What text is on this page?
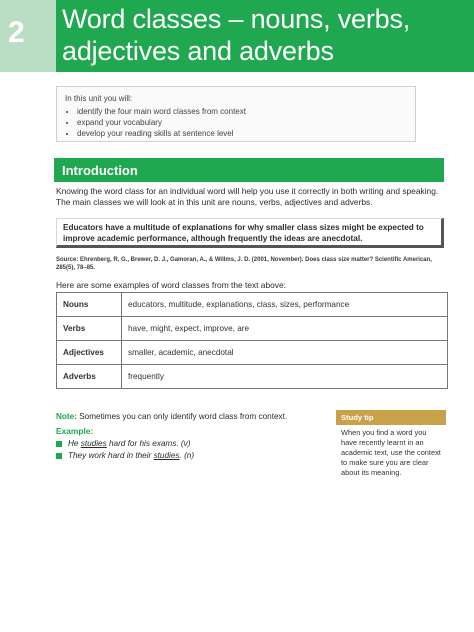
2 Word classes – nouns, verbs,
adjectives and adverbs
In this unit you will:
• identify the four main word classes from context
• expand your vocabulary
• develop your reading skills at sentence level
Introduction
Knowing the word class for an individual word will help you use it correctly in both writing and speaking. The main classes we will look at in this unit are nouns, verbs, adjectives and adverbs.
Educators have a multitude of explanations for why smaller class sizes might be expected to improve academic performance, although frequently the ideas are anecdotal.
Source: Ehrenberg, R. G., Brewer, D. J., Gamoran, A., & Willms, J. D. (2001, November). Does class size matter? Scientific American, 285(5), 78–85.
Here are some examples of word classes from the text above:
Nouns	educators, multitude, explanations, class, sizes, performance
Verbs	have, might, expect, improve, are
Adjectives	smaller, academic, anecdotal
Adverbs	frequently
Note: Sometimes you can only identify word class from context.
Example:
He studies hard for his exams. (v)
They work hard in their studies. (n)
Study tip
When you find a word you have recently learnt in an academic text, use the context to make sure you are clear about its meaning.
